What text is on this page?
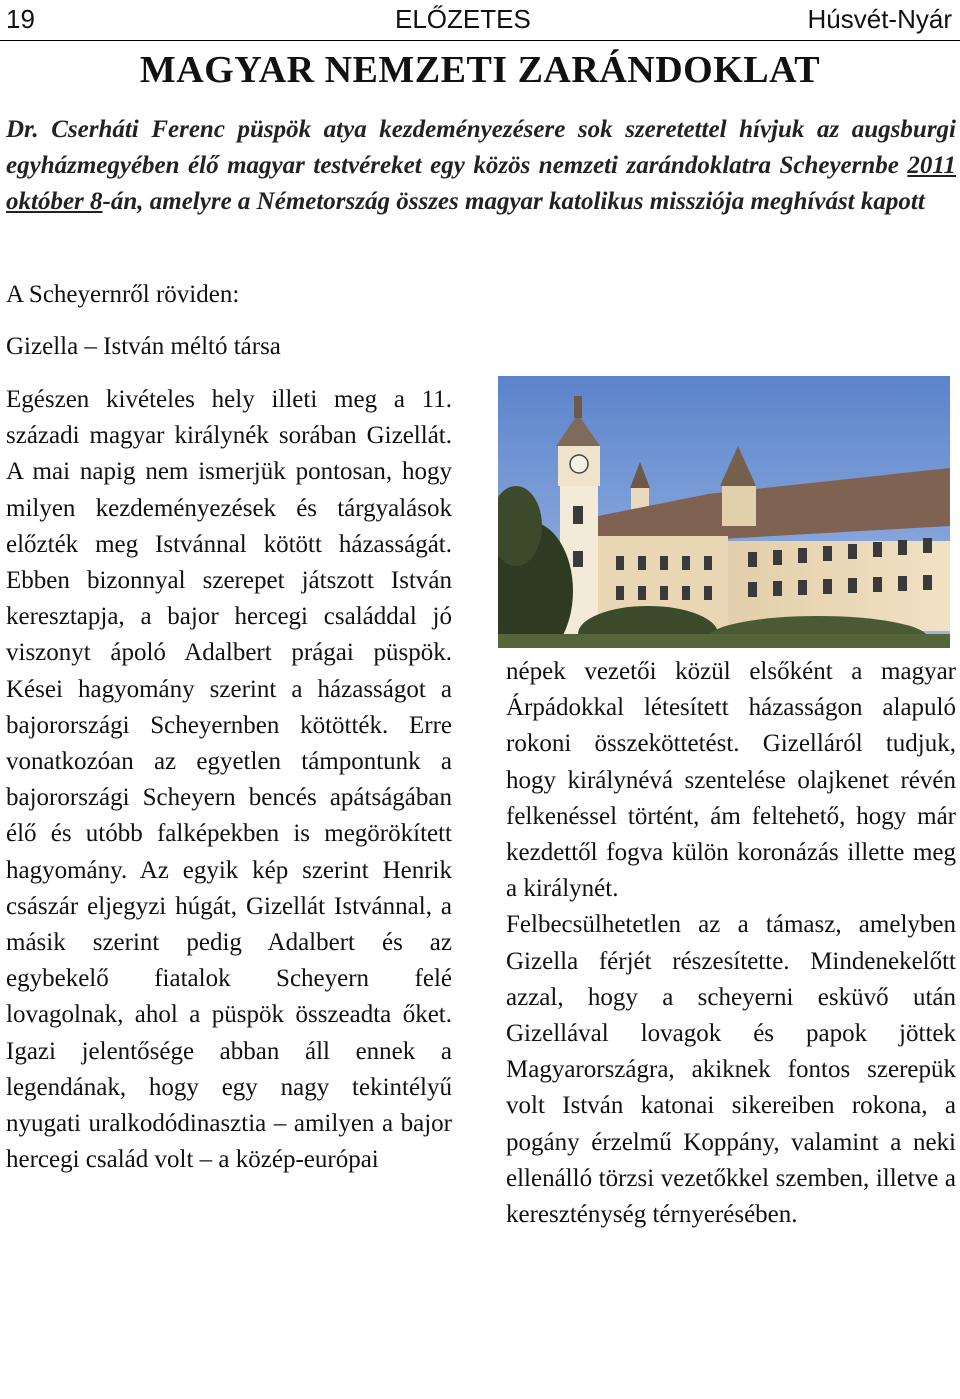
19	ELŐZETES	Húsvét-Nyár
MAGYAR NEMZETI ZARÁNDOKLAT

Dr. Cserháti Ferenc püspök atya kezdeményezésere sok szeretettel hívjuk az augsburgi egyházmegyében élő magyar testvéreket egy közös nemzeti zarándoklatra Scheyernbe 2011 október 8-án, amelyre a Németország összes magyar katolikus missziója meghívást kapott

A Scheyernről röviden:

Gizella – István méltó társa

Egészen kivételes hely illeti meg a 11. századi magyar királynék sorában Gizellát. A mai napig nem ismerjük pontosan, hogy milyen kezdeményezések és tárgyalások előzték meg Istvánnal kötött házasságát. Ebben bizonnyal szerepet játszott István keresztapja, a bajor hercegi családdal jó viszonyt ápoló Adalbert prágai püspök. Kései hagyomány szerint a házasságot a bajorországi Scheyernben kötötték. Erre vonatkozóan az egyetlen támpontunk a bajorországi Scheyern bencés apátságában élő és utóbb falképekben is megörökített hagyomány. Az egyik kép szerint Henrik császár eljegyzi húgát, Gizellát Istvánnal, a másik szerint pedig Adalbert és az egybekelő fiatalok Scheyern felé lovagolnak, ahol a püspök összeadta őket. Igazi jelentősége abban áll ennek a legendának, hogy egy nagy tekintélyű nyugati uralkodódinasztia – amilyen a bajor hercegi család volt – a közép-európai

népek vezetői közül elsőként a magyar Árpádokkal létesített házasságon alapuló rokoni összeköttetést. Gizelláról tudjuk, hogy királynévá szentelése olajkenet révén felkenéssel történt, ám feltehető, hogy már kezdettől fogva külön koronázás illette meg a királynét.

Felbecsülhetetlen az a támasz, amelyben Gizella férjét részesítette. Mindenekelőtt azzal, hogy a scheyerni esküvő után Gizellával lovagok és papok jöttek Magyarországra, akiknek fontos szerepük volt István katonai sikereiben rokona, a pogány érzelmű Koppány, valamint a neki ellenálló törzsi vezetőkkel szemben, illetve a kereszténység térnyerésében.
